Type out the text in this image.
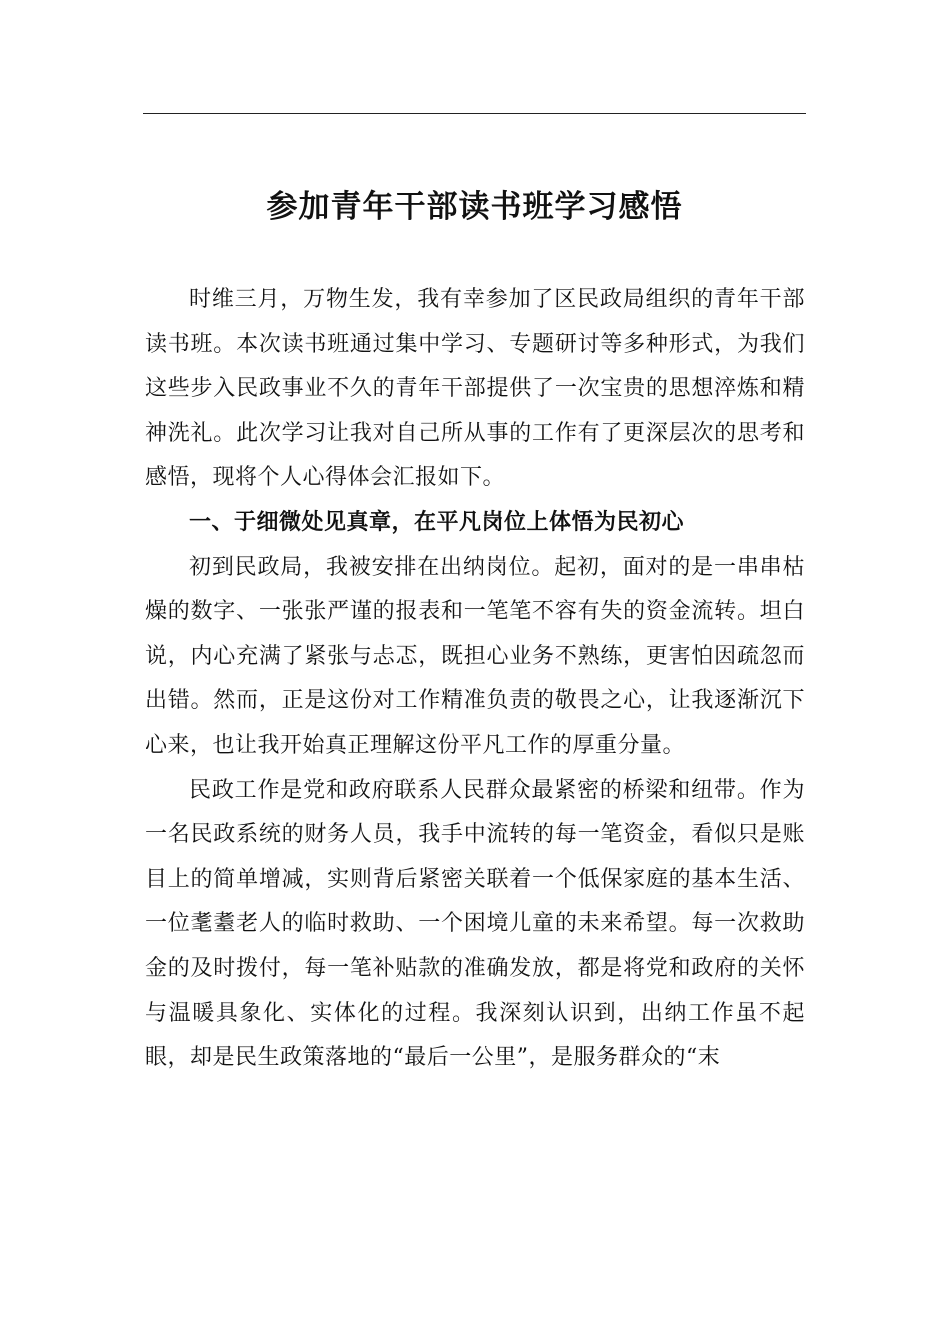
参加青年干部读书班学习感悟

时维三月，万物生发，我有幸参加了区民政局组织的青年干部读书班。本次读书班通过集中学习、专题研讨等多种形式，为我们这些步入民政事业不久的青年干部提供了一次宝贵的思想淬炼和精神洗礼。此次学习让我对自己所从事的工作有了更深层次的思考和感悟，现将个人心得体会汇报如下。

一、于细微处见真章，在平凡岗位上体悟为民初心

初到民政局，我被安排在出纳岗位。起初，面对的是一串串枯燥的数字、一张张严谨的报表和一笔笔不容有失的资金流转。坦白说，内心充满了紧张与忐忑，既担心业务不熟练，更害怕因疏忽而出错。然而，正是这份对工作精准负责的敬畏之心，让我逐渐沉下心来，也让我开始真正理解这份平凡工作的厚重分量。

民政工作是党和政府联系人民群众最紧密的桥梁和纽带。作为一名民政系统的财务人员，我手中流转的每一笔资金，看似只是账目上的简单增减，实则背后紧密关联着一个低保家庭的基本生活、一位耄耋老人的临时救助、一个困境儿童的未来希望。每一次救助金的及时拨付，每一笔补贴款的准确发放，都是将党和政府的关怀与温暖具象化、实体化的过程。我深刻认识到，出纳工作虽不起眼，却是民生政策落地的“最后一公里”，是服务群众的“末
